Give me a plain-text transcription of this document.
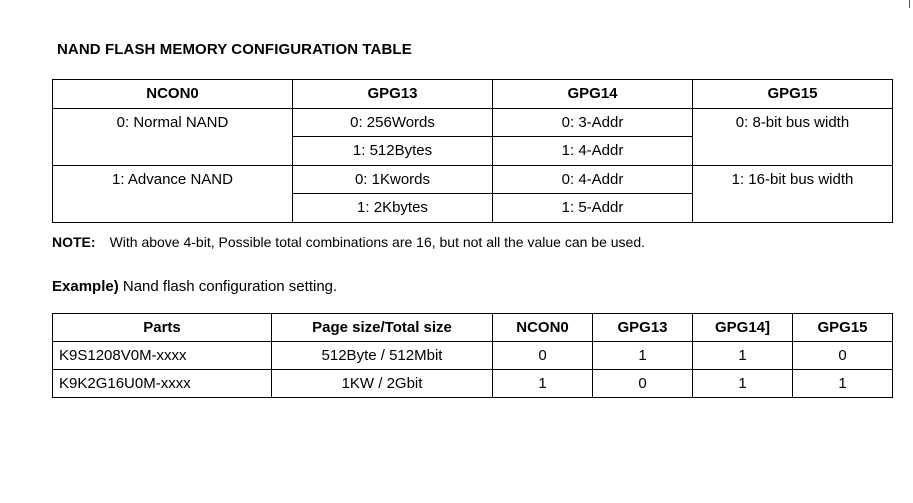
NAND FLASH MEMORY CONFIGURATION TABLE
NCON0	GPG13	GPG14	GPG15
0: Normal NAND	0: 256Words	0: 3-Addr	0: 8-bit bus width
	1: 512Bytes	1: 4-Addr	
1: Advance NAND	0: 1Kwords	0: 4-Addr	1: 16-bit bus width
	1: 2Kbytes	1: 5-Addr	
NOTE: With above 4-bit, Possible total combinations are 16, but not all the value can be used.
Example) Nand flash configuration setting.
Parts	Page size/Total size	NCON0	GPG13	GPG14]	GPG15
K9S1208V0M-xxxx	512Byte / 512Mbit	0	1	1	0
K9K2G16U0M-xxxx	1KW / 2Gbit	1	0	1	1
